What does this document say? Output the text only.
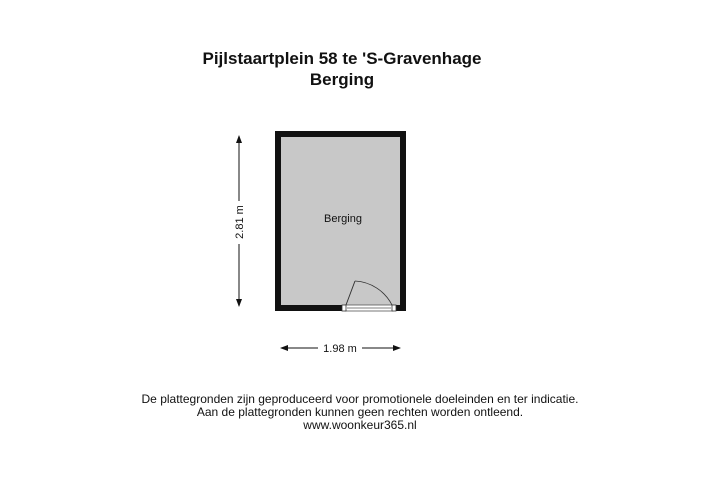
Pijlstaartplein 58 te 'S-Gravenhage
Berging
Berging
2.81 m
1.98 m
De plattegronden zijn geproduceerd voor promotionele doeleinden en ter indicatie.
Aan de plattegronden kunnen geen rechten worden ontleend.
www.woonkeur365.nl
